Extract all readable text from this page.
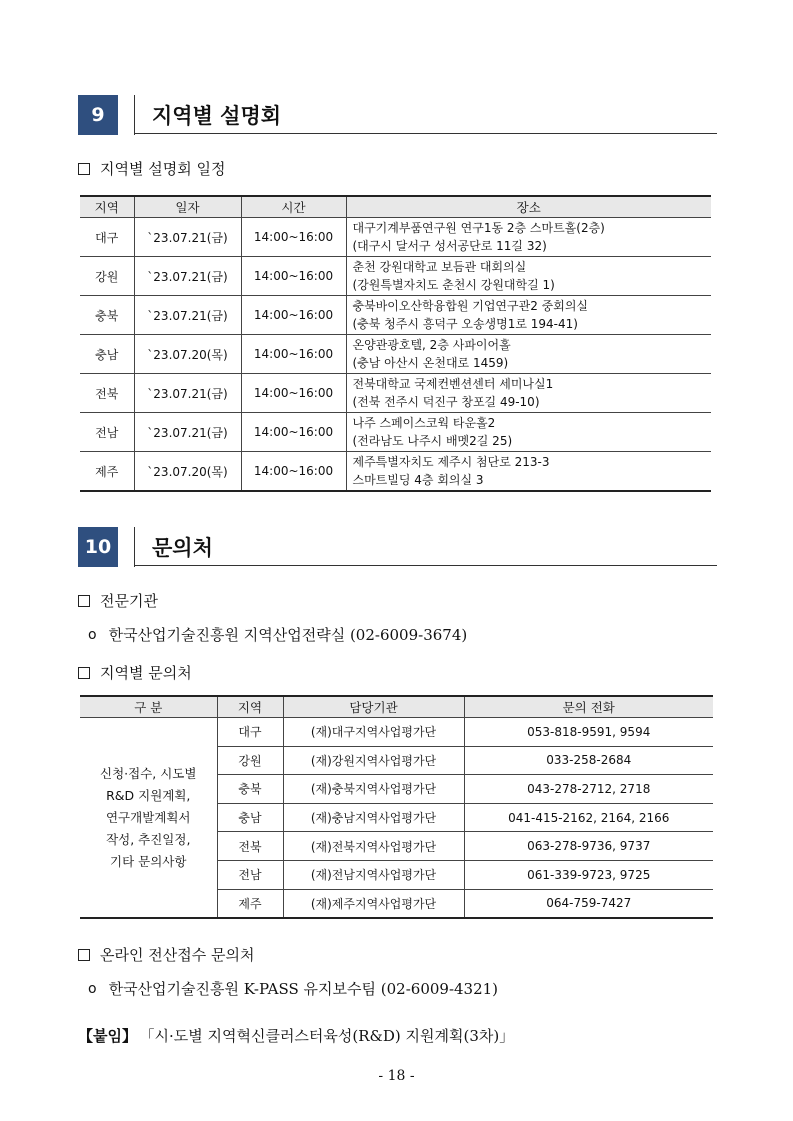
9	지역별 설명회
지역별 설명회 일정
지역	일자	시간	장소
대구	`23.07.21(금)	14:00~16:00	대구기계부품연구원 연구1동 2층 스마트홀(2층)
(대구시 달서구 성서공단로 11길 32)

강원	`23.07.21(금)	14:00~16:00	춘천 강원대학교 보듬관 대회의실
(강원특별자치도 춘천시 강원대학길 1)

충북	`23.07.21(금)	14:00~16:00	충북바이오산학융합원 기업연구관2 중회의실
(충북 청주시 흥덕구 오송생명1로 194-41)

충남	`23.07.20(목)	14:00~16:00	온양관광호텔, 2층 사파이어홀
(충남 아산시 온천대로 1459)

전북	`23.07.21(금)	14:00~16:00	전북대학교 국제컨벤션센터 세미나실1
(전북 전주시 덕진구 창포길 49-10)

전남	`23.07.21(금)	14:00~16:00	나주 스페이스코웍 타운홀2
(전라남도 나주시 배멧2길 25)

제주	`23.07.20(목)	14:00~16:00	제주특별자치도 제주시 첨단로 213-3
스마트빌딩 4층 회의실 3
10	문의처
전문기관
o 한국산업기술진흥원 지역산업전략실 (02-6009-3674)
지역별 문의처
구 분	지역	담당기관	문의 전화

신청·접수, 시도별
R&D 지원계획,
연구개발계획서
작성, 추진일정,
기타 문의사항	대구	(재)대구지역사업평가단	053-818-9591, 9594
	강원	(재)강원지역사업평가단	033-258-2684
	충북	(재)충북지역사업평가단	043-278-2712, 2718
	충남	(재)충남지역사업평가단	041-415-2162, 2164, 2166
	전북	(재)전북지역사업평가단	063-278-9736, 9737
	전남	(재)전남지역사업평가단	061-339-9723, 9725
	제주	(재)제주지역사업평가단	064-759-7427
온라인 전산접수 문의처
o 한국산업기술진흥원 K-PASS 유지보수팀 (02-6009-4321)
【붙임】 「시·도별 지역혁신클러스터육성(R&D) 지원계획(3차)」
- 18 -
